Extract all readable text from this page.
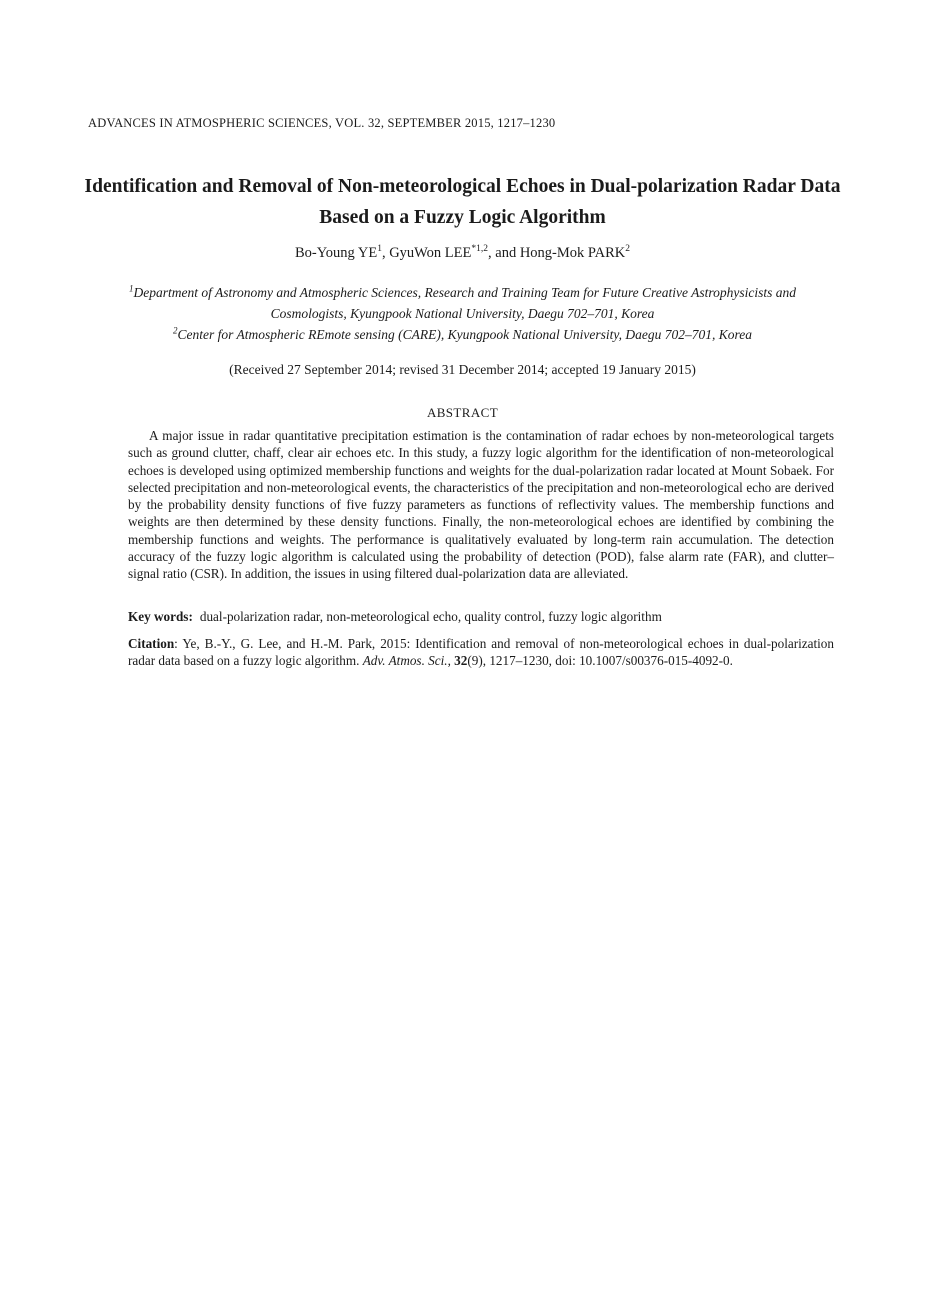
ADVANCES IN ATMOSPHERIC SCIENCES, VOL. 32, SEPTEMBER 2015, 1217–1230
Identification and Removal of Non-meteorological Echoes in Dual-polarization Radar Data Based on a Fuzzy Logic Algorithm
Bo-Young $YE^1$, GyuWon LEE$^{*1,2}$, and Hong-Mok PARK$^2$
$^1$Department of Astronomy and Atmospheric Sciences, Research and Training Team for Future Creative Astrophysicists and Cosmologists, Kyungpook National University, Daegu 702–701, Korea
$^2$Center for Atmospheric REmote sensing (CARE), Kyungpook National University, Daegu 702–701, Korea
(Received 27 September 2014; revised 31 December 2014; accepted 19 January 2015)
ABSTRACT
A major issue in radar quantitative precipitation estimation is the contamination of radar echoes by non-meteorological targets such as ground clutter, chaff, clear air echoes etc. In this study, a fuzzy logic algorithm for the identification of non-meteorological echoes is developed using optimized membership functions and weights for the dual-polarization radar located at Mount Sobaek. For selected precipitation and non-meteorological events, the characteristics of the precipitation and non-meteorological echo are derived by the probability density functions of five fuzzy parameters as functions of reflectivity values. The membership functions and weights are then determined by these density functions. Finally, the non-meteorological echoes are identified by combining the membership functions and weights. The performance is qualitatively evaluated by long-term rain accumulation. The detection accuracy of the fuzzy logic algorithm is calculated using the probability of detection (POD), false alarm rate (FAR), and clutter–signal ratio (CSR). In addition, the issues in using filtered dual-polarization data are alleviated.
Key words: dual-polarization radar, non-meteorological echo, quality control, fuzzy logic algorithm
Citation: Ye, B.-Y., G. Lee, and H.-M. Park, 2015: Identification and removal of non-meteorological echoes in dual-polarization radar data based on a fuzzy logic algorithm. Adv. Atmos. Sci., 32(9), 1217–1230, doi: 10.1007/s00376-015-4092-0.
